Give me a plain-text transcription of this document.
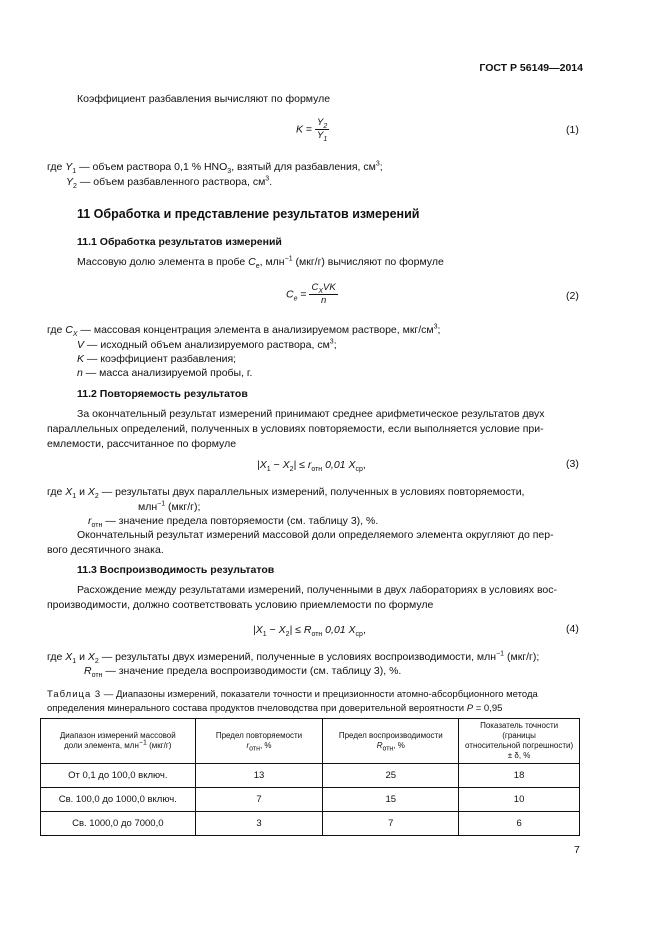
ГОСТ Р 56149—2014
Коэффициент разбавления вычисляют по формуле
$K = \frac{Y_2}{Y_1}$	(1)
где $Y_1$ — объем раствора 0,1 % $HNO_3$, взятый для разбавления, $см^3$;
$Y_2$ — объем разбавленного раствора, $см^3$.
11 Обработка и представление результатов измерений
11.1 Обработка результатов измерений
Массовую долю элемента в пробе $C_e$, млн$^{-1}$ (мкг/г) вычисляют по формуле
$C_e = \frac{C_XVK}{n}$	(2)
где $C_X$ — массовая концентрация элемента в анализируемом растворе, мкг/$см^3$;
V — исходный объем анализируемого раствора, $см^3$;
K — коэффициент разбавления;
n — масса анализируемой пробы, г.
11.2 Повторяемость результатов
За окончательный результат измерений принимают среднее арифметическое результатов двух
параллельных определений, полученных в условиях повторяемости, если выполняется условие при-
емлемости, рассчитанное по формуле
$|X_1 - X_2| \le r_{отн}$ 0,01 $X_{ср}$,	(3)
где $X_1$ и $X_2$ — результаты двух параллельных измерений, полученных в условиях повторяемости,
млн$^{-1}$ (мкг/г);
$r_{отн}$ — значение предела повторяемости (см. таблицу 3), %.
Окончательный результат измерений массовой доли определяемого элемента округляют до пер-
вого десятичного знака.
11.3 Воспроизводимость результатов
Расхождение между результатами измерений, полученными в двух лабораториях в условиях вос-
производимости, должно соответствовать условию приемлемости по формуле
$|X_1 - X_2| \le R_{отн}$ 0,01 $X_{ср}$,	(4)
где $X_1$ и $X_2$ — результаты двух измерений, полученные в условиях воспроизводимости, млн$^{-1}$ (мкг/г);
$R_{отн}$ — значение предела воспроизводимости (см. таблицу 3), %.
Таблица 3 — Диапазоны измерений, показатели точности и прецизионности атомно-абсорбционного метода
определения минерального состава продуктов пчеловодства при доверительной вероятности P = 0,95
Диапазон измерений массовой
доли элемента, млн$^{-1}$ (мкг/г)	Предел повторяемости
$r_{отн}$, %	Предел воспроизводимости
$R_{отн}$, %	Показатель точности (границы
относительной погрешности)
± δ, %
От 0,1 до 100,0 включ.	13	25	18
Св. 100,0 до 1000,0 включ.	7	15	10
Св. 1000,0 до 7000,0	3	7	6
7
